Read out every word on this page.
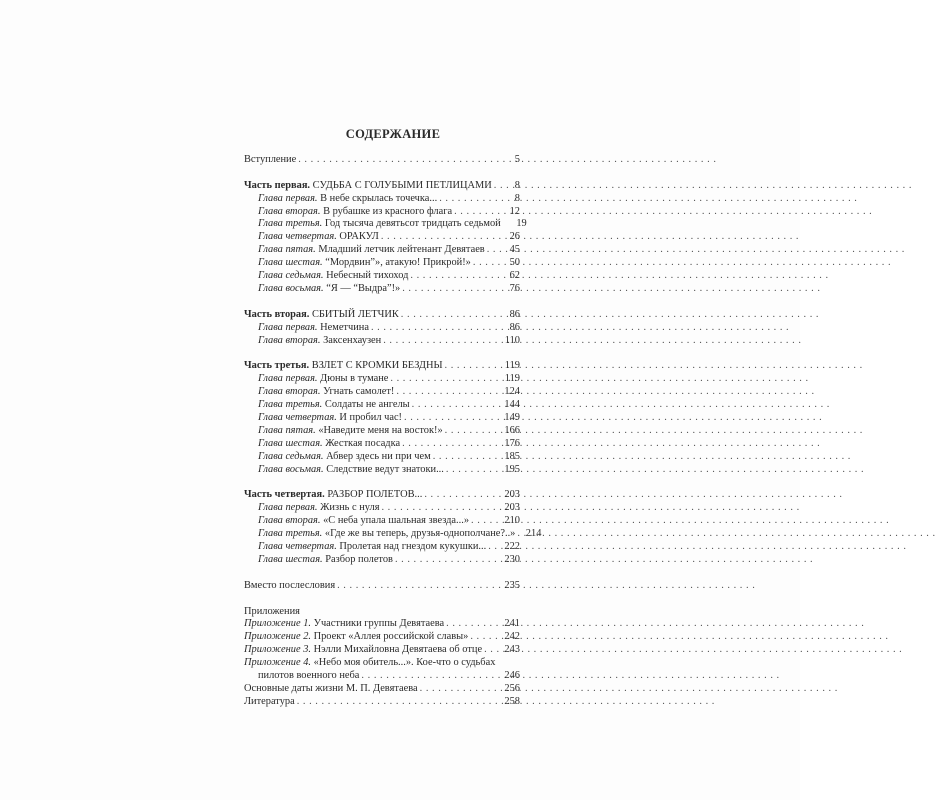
СОДЕРЖАНИЕ
Вступление . . .	5
Часть первая. СУДЬБА С ГОЛУБЫМИ ПЕТЛИЦАМИ . . .	8
Глава первая. В небе скрылась точечка... . . .	8
Глава вторая. В рубашке из красного флага . . .	12
Глава третья. Год тысяча девятьсот тридцать седьмой	19
Глава четвертая. ОРАКУЛ . . .	26
Глава пятая. Младший летчик лейтенант Девятаев . . .	45
Глава шестая. “Мордвин”», атакую! Прикрой!» . . .	50
Глава седьмая. Небесный тихоход . . .	62
Глава восьмая. “Я — “Выдра”!» . . .	76
Часть вторая. СБИТЫЙ ЛЕТЧИК . . .	86
Глава первая. Неметчина . . .	86
Глава вторая. Заксенхаузен . . .	110
Часть третья. ВЗЛЕТ С КРОМКИ БЕЗДНЫ . . .	119
Глава первая. Дюны в тумане . . .	119
Глава вторая. Угнать самолет! . . .	124
Глава третья. Солдаты не ангелы . . .	144
Глава четвертая. И пробил час! . . .	149
Глава пятая. «Наведите меня на восток!» . . .	166
Глава шестая. Жесткая посадка . . .	176
Глава седьмая. Абвер здесь ни при чем . . .	185
Глава восьмая. Следствие ведут знатоки... . . .	195
Часть четвертая. РАЗБОР ПОЛЕТОВ... . . .	203
Глава первая. Жизнь с нуля . . .	203
Глава вторая. «С неба упала шальная звезда...» . . .	210
Глава третья. «Где же вы теперь, друзья-однополчане?..» . . . 214
Глава четвертая. Пролетая над гнездом кукушки... . . . 222
Глава шестая. Разбор полетов . . .	230
Вместо послесловия . . .	235
Приложения
Приложение 1. Участники группы Девятаева . . .	241
Приложение 2. Проект «Аллея российской славы» . . .	242
Приложение 3. Нэлли Михайловна Девятаева об отце . . . 243
Приложение 4. «Небо моя обитель...». Кое-что о судьбах
пилотов военного неба . . .	246
Основные даты жизни М. П. Девятаева . . .	256
Литература . . .	258
